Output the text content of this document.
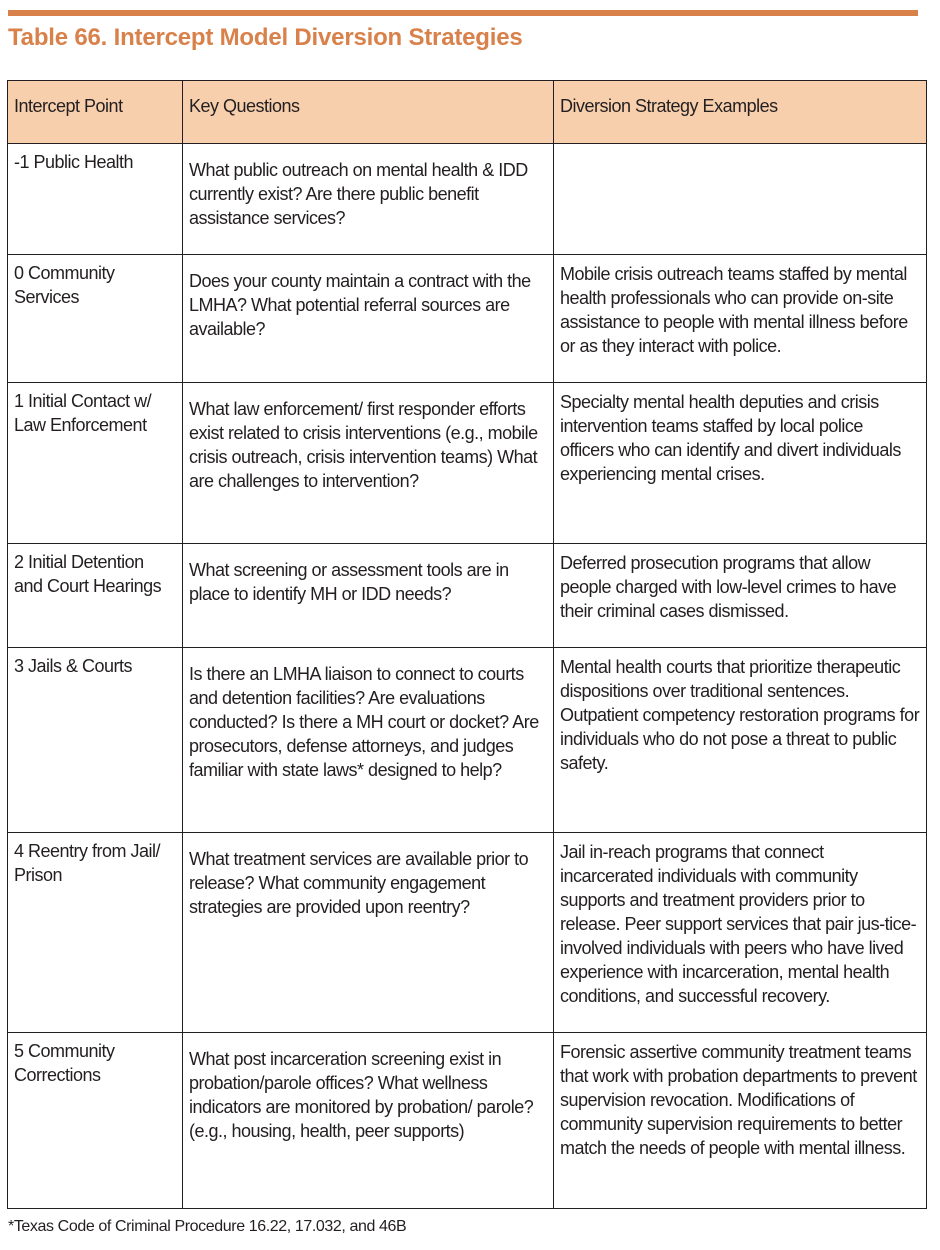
Table 66. Intercept Model Diversion Strategies
Intercept Point	Key Questions	Diversion Strategy Examples
-1 Public Health	What public outreach on mental health & IDD currently exist? Are there public benefit assistance services?	
0 Community Services	Does your county maintain a contract with the LMHA? What potential referral sources are available?	Mobile crisis outreach teams staffed by mental health professionals who can provide on-site assistance to people with mental illness before or as they interact with police.
1 Initial Contact w/ Law Enforcement	What law enforcement/ first responder efforts exist related to crisis interventions (e.g., mobile crisis outreach, crisis intervention teams) What are challenges to intervention?	Specialty mental health deputies and crisis intervention teams staffed by local police officers who can identify and divert individuals experiencing mental crises.
2 Initial Detention and Court Hearings	What screening or assessment tools are in place to identify MH or IDD needs?	Deferred prosecution programs that allow people charged with low-level crimes to have their criminal cases dismissed.
3 Jails & Courts	Is there an LMHA liaison to connect to courts and detention facilities? Are evaluations conducted? Is there a MH court or docket? Are prosecutors, defense attorneys, and judges familiar with state laws* designed to help?	Mental health courts that prioritize therapeutic dispositions over traditional sentences. Outpatient competency restoration programs for individuals who do not pose a threat to public safety.
4 Reentry from Jail/ Prison	What treatment services are available prior to release? What community engagement strategies are provided upon reentry?	Jail in-reach programs that connect incarcerated individuals with community supports and treatment providers prior to release. Peer support services that pair jus-tice-involved individuals with peers who have lived experience with incarceration, mental health conditions, and successful recovery.
5 Community Corrections	What post incarceration screening exist in probation/parole offices? What wellness indicators are monitored by probation/ parole? (e.g., housing, health, peer supports)	Forensic assertive community treatment teams that work with probation departments to prevent supervision revocation. Modifications of community supervision requirements to better match the needs of people with mental illness.
*Texas Code of Criminal Procedure 16.22, 17.032, and 46B
